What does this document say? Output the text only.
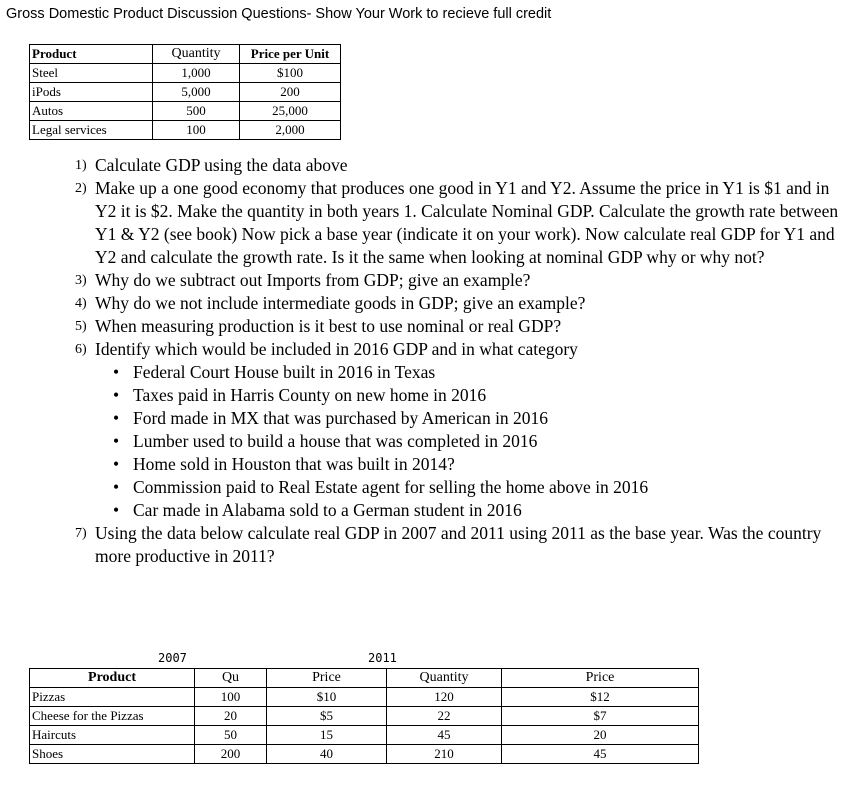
Gross Domestic Product Discussion Questions- Show Your Work to recieve full credit
Product	Quantity	Price per Unit
Steel	1,000	$100
iPods	5,000	200
Autos	500	25,000
Legal services	100	2,000
1) Calculate GDP using the data above
2) Make up a one good economy that produces one good in Y1 and Y2. Assume the price in Y1 is $1 and in Y2 it is $2. Make the quantity in both years 1. Calculate Nominal GDP. Calculate the growth rate between Y1 & Y2 (see book) Now pick a base year (indicate it on your work). Now calculate real GDP for Y1 and Y2 and calculate the growth rate. Is it the same when looking at nominal GDP why or why not?
3) Why do we subtract out Imports from GDP; give an example?
4) Why do we not include intermediate goods in GDP; give an example?
5) When measuring production is it best to use nominal or real GDP?
6) Identify which would be included in 2016 GDP and in what category
• Federal Court House built in 2016 in Texas
• Taxes paid in Harris County on new home in 2016
• Ford made in MX that was purchased by American in 2016
• Lumber used to build a house that was completed in 2016
• Home sold in Houston that was built in 2014?
• Commission paid to Real Estate agent for selling the home above in 2016
• Car made in Alabama sold to a German student in 2016
7) Using the data below calculate real GDP in 2007 and 2011 using 2011 as the base year. Was the country more productive in 2011?
2007	2011
Product	Qu	Price	Quantity	Price
Pizzas	100	$10	120	$12
Cheese for the Pizzas	20	$5	22	$7
Haircuts	50	15	45	20
Shoes	200	40	210	45
